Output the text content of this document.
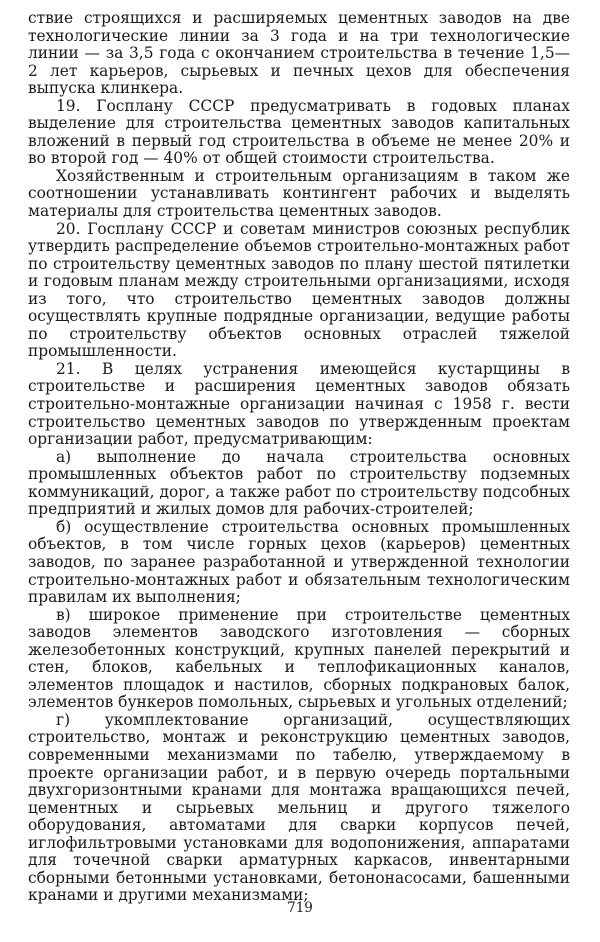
ствие строящихся и расширяемых цементных заводов на две технологические линии за 3 года и на три технологические линии — за 3,5 года с окончанием строительства в течение 1,5—2 лет карьеров, сырьевых и печных цехов для обеспечения выпуска клинкера.

19. Госплану СССР предусматривать в годовых планах выделение для строительства цементных заводов капитальных вложений в первый год строительства в объеме не менее 20% и во второй год — 40% от общей стоимости строительства.

Хозяйственным и строительным организациям в таком же соотношении устанавливать контингент рабочих и выделять материалы для строительства цементных заводов.

20. Госплану СССР и советам министров союзных республик утвердить распределение объемов строительно-монтажных работ по строительству цементных заводов по плану шестой пятилетки и годовым планам между строительными организациями, исходя из того, что строительство цементных заводов должны осуществлять крупные подрядные организации, ведущие работы по строительству объектов основных отраслей тяжелой промышленности.

21. В целях устранения имеющейся кустарщины в строительстве и расширения цементных заводов обязать строительно-монтажные организации начиная с 1958 г. вести строительство цементных заводов по утвержденным проектам организации работ, предусматривающим:

а) выполнение до начала строительства основных промышленных объектов работ по строительству подземных коммуникаций, дорог, а также работ по строительству подсобных предприятий и жилых домов для рабочих-строителей;

б) осуществление строительства основных промышленных объектов, в том числе горных цехов (карьеров) цементных заводов, по заранее разработанной и утвержденной технологии строительно-монтажных работ и обязательным технологическим правилам их выполнения;

в) широкое применение при строительстве цементных заводов элементов заводского изготовления — сборных железобетонных конструкций, крупных панелей перекрытий и стен, блоков, кабельных и теплофикационных каналов, элементов площадок и настилов, сборных подкрановых балок, элементов бункеров помольных, сырьевых и угольных отделений;

г) укомплектование организаций, осуществляющих строительство, монтаж и реконструкцию цементных заводов, современными механизмами по табелю, утверждаемому в проекте организации работ, и в первую очередь портальными двухгоризонтными кранами для монтажа вращающихся печей, цементных и сырьевых мельниц и другого тяжелого оборудования, автоматами для сварки корпусов печей, иглофильтровыми установками для водопонижения, аппаратами для точечной сварки арматурных каркасов, инвентарными сборными бетонными установками, бетононасосами, башенными кранами и другими механизмами;

719
